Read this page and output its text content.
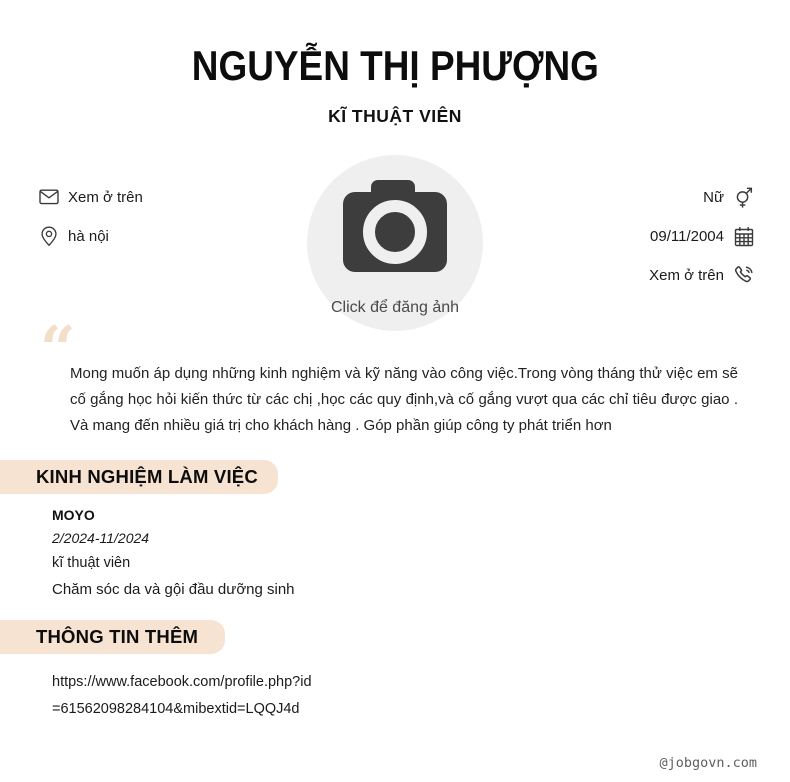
NGUYỄN THỊ PHƯỢNG
KĨ THUẬT VIÊN
Xem ở trên
hà nội
Nữ
09/11/2004
Xem ở trên
Click để đăng ảnh
“
Mong muốn áp dụng những kinh nghiệm và kỹ năng vào công việc.Trong vòng tháng thử việc em sẽ cố gắng học hỏi kiến thức từ các chị ,học các quy định,và cố gắng vượt qua các chỉ tiêu được giao . Và mang đến nhiều giá trị cho khách hàng . Góp phần giúp công ty phát triển hơn
KINH NGHIỆM LÀM VIỆC
MOYO
2/2024-11/2024
kĩ thuật viên
Chăm sóc da và gội đầu dưỡng sinh
THÔNG TIN THÊM
https://www.facebook.com/profile.php?id=61562098284104&mibextid=LQQJ4d
@jobgovn.com
